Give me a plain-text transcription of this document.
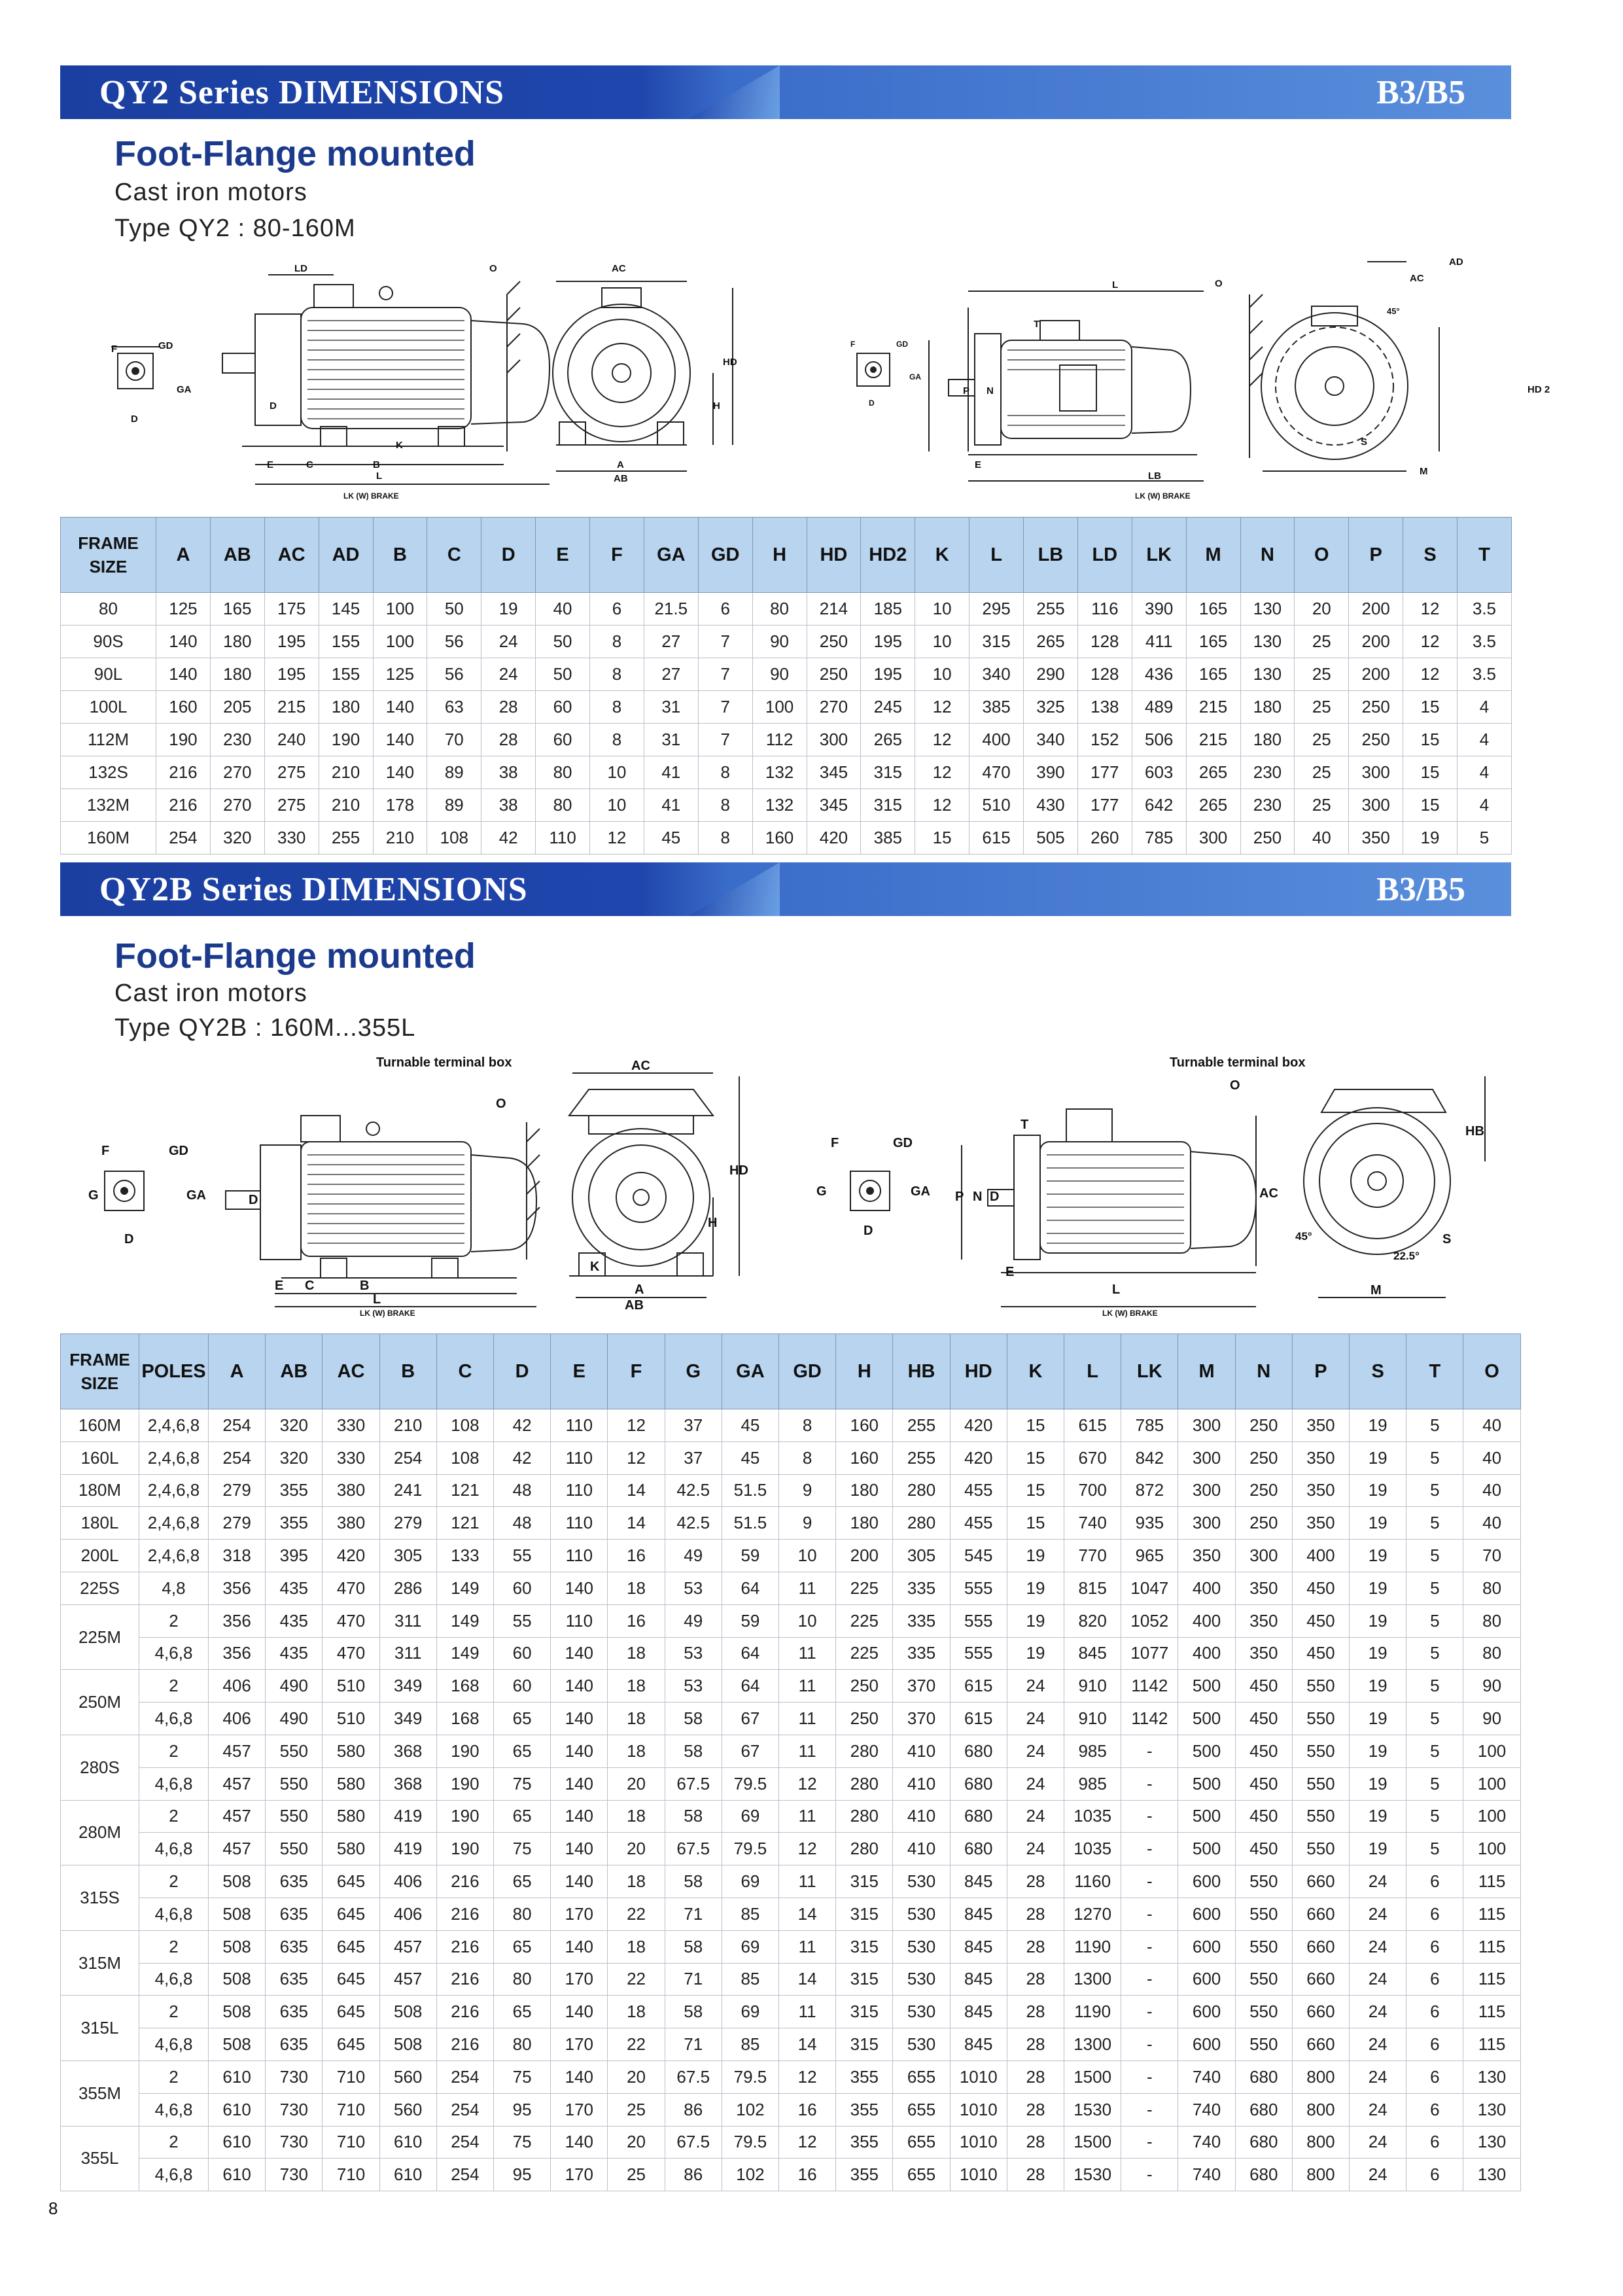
QY2 Series DIMENSIONS	B3/B5
Foot-Flange mounted
Cast iron motors
Type QY2 : 80-160M
LD	O	AC
HD
H
F	GD
GA
D
D
K
E	C	B
L
LK (W) BRAKE
A
AB
F	GD
GA
D
P N
T
L	O	AC
AD
45°
HD 2
S
M
LB
LK (W) BRAKE
E
FRAME SIZE	A	AB	AC	AD	B	C	D	E	F	GA	GD	H	HD	HD2	K	L	LB	LD	LK	M	N	O	P	S	T
80	125	165	175	145	100	50	19	40	6	21.5	6	80	214	185	10	295	255	116	390	165	130	20	200	12	3.5
90S	140	180	195	155	100	56	24	50	8	27	7	90	250	195	10	315	265	128	411	165	130	25	200	12	3.5
90L	140	180	195	155	125	56	24	50	8	27	7	90	250	195	10	340	290	128	436	165	130	25	200	12	3.5
100L	160	205	215	180	140	63	28	60	8	31	7	100	270	245	12	385	325	138	489	215	180	25	250	15	4
112M	190	230	240	190	140	70	28	60	8	31	7	112	300	265	12	400	340	152	506	215	180	25	250	15	4
132S	216	270	275	210	140	89	38	80	10	41	8	132	345	315	12	470	390	177	603	265	230	25	300	15	4
132M	216	270	275	210	178	89	38	80	10	41	8	132	345	315	12	510	430	177	642	265	230	25	300	15	4
160M	254	320	330	255	210	108	42	110	12	45	8	160	420	385	15	615	505	260	785	300	250	40	350	19	5
QY2B Series DIMENSIONS	B3/B5
Foot-Flange mounted
Cast iron motors
Type QY2B : 160M...355L
Turnable terminal box	Turnable terminal box
O
AC
HD
H
F	GD
G	GA
D
D
K
E C	B
L
LK (W) BRAKE
A
AB
F	GD
G	GA
D
P N D
T
O
AC
HB
45°
22.5°
S
M
E
L
LK (W) BRAKE
FRAME SIZE	POLES	A	AB	AC	B	C	D	E	F	G	GA	GD	H	HB	HD	K	L	LK	M	N	P	S	T	O
160M	2,4,6,8	254	320	330	210	108	42	110	12	37	45	8	160	255	420	15	615	785	300	250	350	19	5	40
160L	2,4,6,8	254	320	330	254	108	42	110	12	37	45	8	160	255	420	15	670	842	300	250	350	19	5	40
180M	2,4,6,8	279	355	380	241	121	48	110	14	42.5	51.5	9	180	280	455	15	700	872	300	250	350	19	5	40
180L	2,4,6,8	279	355	380	279	121	48	110	14	42.5	51.5	9	180	280	455	15	740	935	300	250	350	19	5	40
200L	2,4,6,8	318	395	420	305	133	55	110	16	49	59	10	200	305	545	19	770	965	350	300	400	19	5	70
225S	4,8	356	435	470	286	149	60	140	18	53	64	11	225	335	555	19	815	1047	400	350	450	19	5	80
225M	2	356	435	470	311	149	55	110	16	49	59	10	225	335	555	19	820	1052	400	350	450	19	5	80
	4,6,8	356	435	470	311	149	60	140	18	53	64	11	225	335	555	19	845	1077	400	350	450	19	5	80
250M	2	406	490	510	349	168	60	140	18	53	64	11	250	370	615	24	910	1142	500	450	550	19	5	90
	4,6,8	406	490	510	349	168	65	140	18	58	67	11	250	370	615	24	910	1142	500	450	550	19	5	90
280S	2	457	550	580	368	190	65	140	18	58	67	11	280	410	680	24	985	-	500	450	550	19	5	100
	4,6,8	457	550	580	368	190	75	140	20	67.5	79.5	12	280	410	680	24	985	-	500	450	550	19	5	100
280M	2	457	550	580	419	190	65	140	18	58	69	11	280	410	680	24	1035	-	500	450	550	19	5	100
	4,6,8	457	550	580	419	190	75	140	20	67.5	79.5	12	280	410	680	24	1035	-	500	450	550	19	5	100
315S	2	508	635	645	406	216	65	140	18	58	69	11	315	530	845	28	1160	-	600	550	660	24	6	115
	4,6,8	508	635	645	406	216	80	170	22	71	85	14	315	530	845	28	1270	-	600	550	660	24	6	115
315M	2	508	635	645	457	216	65	140	18	58	69	11	315	530	845	28	1190	-	600	550	660	24	6	115
	4,6,8	508	635	645	457	216	80	170	22	71	85	14	315	530	845	28	1300	-	600	550	660	24	6	115
315L	2	508	635	645	508	216	65	140	18	58	69	11	315	530	845	28	1190	-	600	550	660	24	6	115
	4,6,8	508	635	645	508	216	80	170	22	71	85	14	315	530	845	28	1300	-	600	550	660	24	6	115
355M	2	610	730	710	560	254	75	140	20	67.5	79.5	12	355	655	1010	28	1500	-	740	680	800	24	6	130
	4,6,8	610	730	710	560	254	95	170	25	86	102	16	355	655	1010	28	1530	-	740	680	800	24	6	130
355L	2	610	730	710	610	254	75	140	20	67.5	79.5	12	355	655	1010	28	1500	-	740	680	800	24	6	130
	4,6,8	610	730	710	610	254	95	170	25	86	102	16	355	655	1010	28	1530	-	740	680	800	24	6	130
8
